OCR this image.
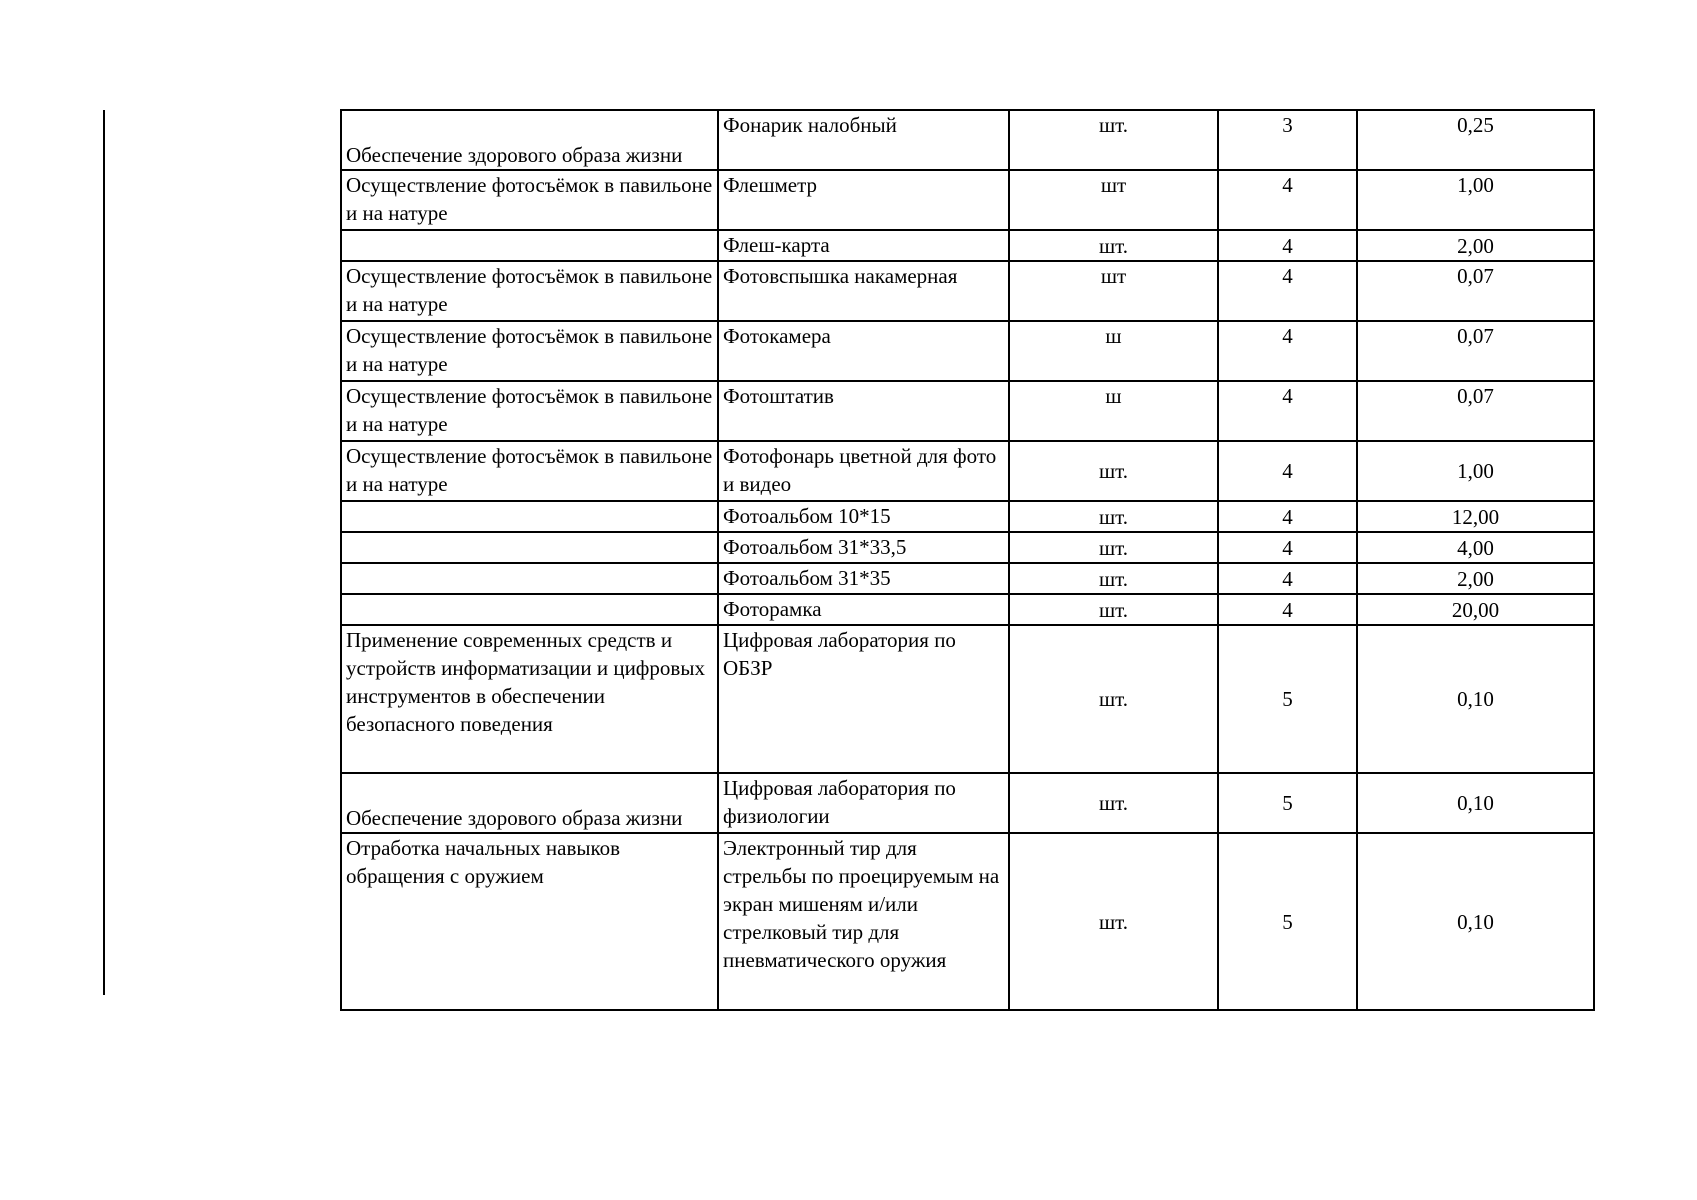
Обеспечение здорового образа жизни	Фонарик налобный	шт.	3	0,25
Осуществление фотосъёмок в павильоне и на натуре	Флешметр	шт	4	1,00
	Флеш-карта	шт.	4	2,00
Осуществление фотосъёмок в павильоне и на натуре	Фотовспышка накамерная	шт	4	0,07
Осуществление фотосъёмок в павильоне и на натуре	Фотокамера	ш	4	0,07
Осуществление фотосъёмок в павильоне и на натуре	Фотоштатив	ш	4	0,07
Осуществление фотосъёмок в павильоне и на натуре	Фотофонарь цветной для фото и видео	шт.	4	1,00
	Фотоальбом 10*15	шт.	4	12,00
	Фотоальбом 31*33,5	шт.	4	4,00
	Фотоальбом 31*35	шт.	4	2,00
	Фоторамка	шт.	4	20,00
Применение современных средств и устройств информатизации и цифровых инструментов в обеспечении безопасного поведения	Цифровая лаборатория по ОБЗР	шт.	5	0,10
Обеспечение здорового образа жизни	Цифровая лаборатория по физиологии	шт.	5	0,10
Отработка начальных навыков обращения с оружием	Электронный тир для стрельбы по проецируемым на экран мишеням и/или стрелковый тир для пневматического оружия	шт.	5	0,10
